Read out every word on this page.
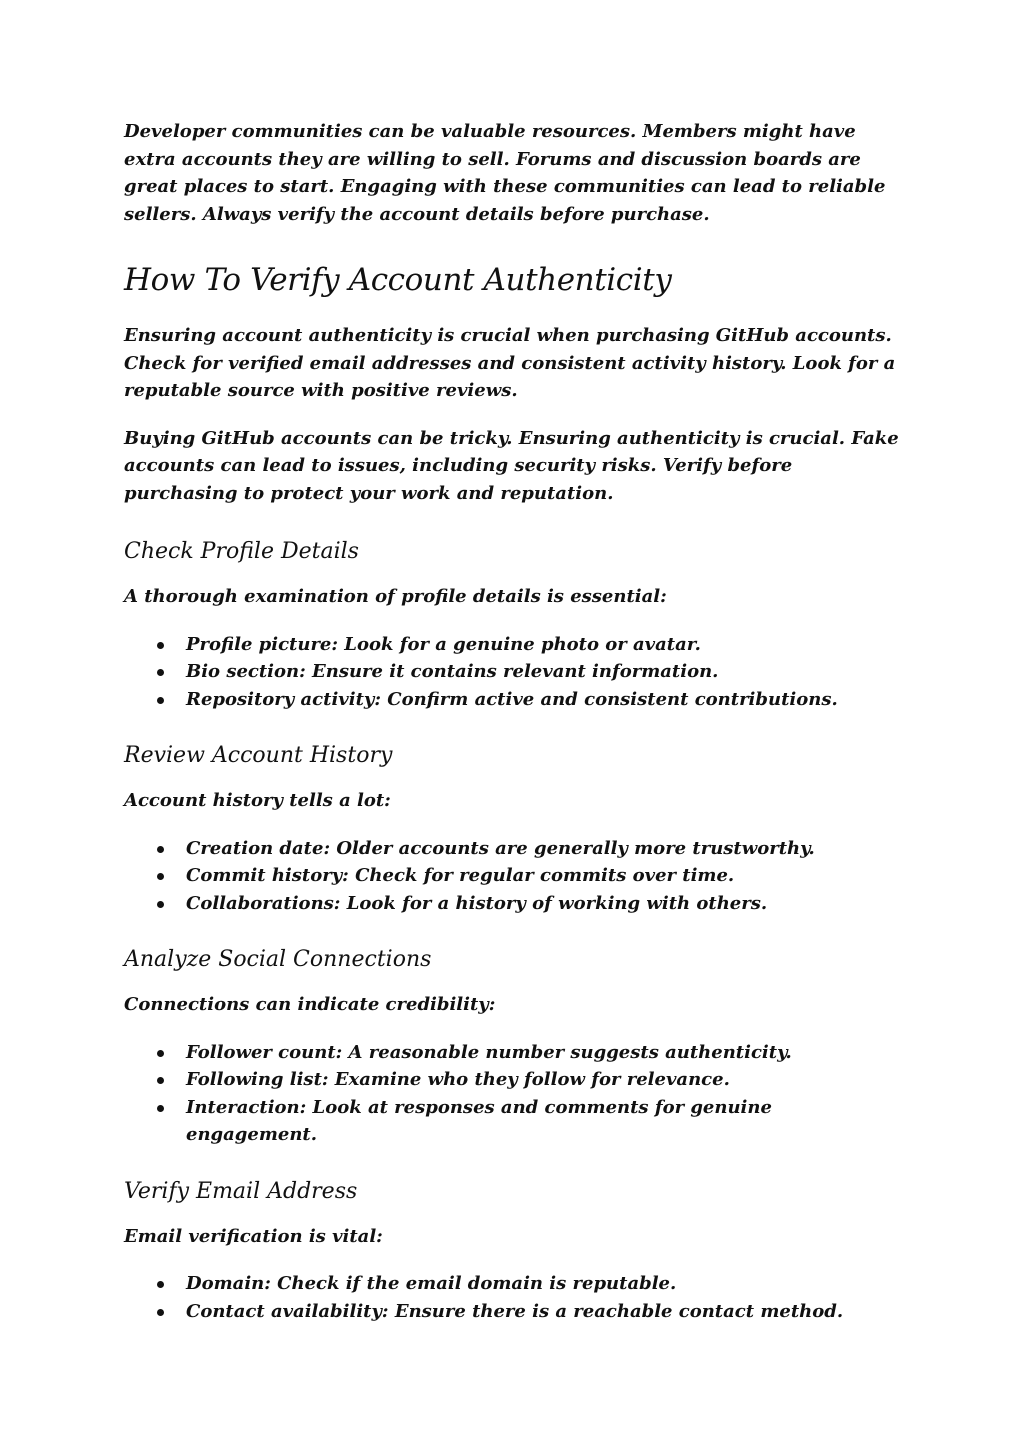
Developer communities can be valuable resources. Members might have extra accounts they are willing to sell. Forums and discussion boards are great places to start. Engaging with these communities can lead to reliable sellers. Always verify the account details before purchase.

How To Verify Account Authenticity

Ensuring account authenticity is crucial when purchasing GitHub accounts. Check for verified email addresses and consistent activity history. Look for a reputable source with positive reviews.

Buying GitHub accounts can be tricky. Ensuring authenticity is crucial. Fake accounts can lead to issues, including security risks. Verify before purchasing to protect your work and reputation.

Check Profile Details

A thorough examination of profile details is essential:

Profile picture: Look for a genuine photo or avatar.
Bio section: Ensure it contains relevant information.
Repository activity: Confirm active and consistent contributions.
Review Account History

Account history tells a lot:

Creation date: Older accounts are generally more trustworthy.
Commit history: Check for regular commits over time.
Collaborations: Look for a history of working with others.
Analyze Social Connections

Connections can indicate credibility:

Follower count: A reasonable number suggests authenticity.
Following list: Examine who they follow for relevance.
Interaction: Look at responses and comments for genuine engagement.
Verify Email Address

Email verification is vital:

Domain: Check if the email domain is reputable.
Contact availability: Ensure there is a reachable contact method.
